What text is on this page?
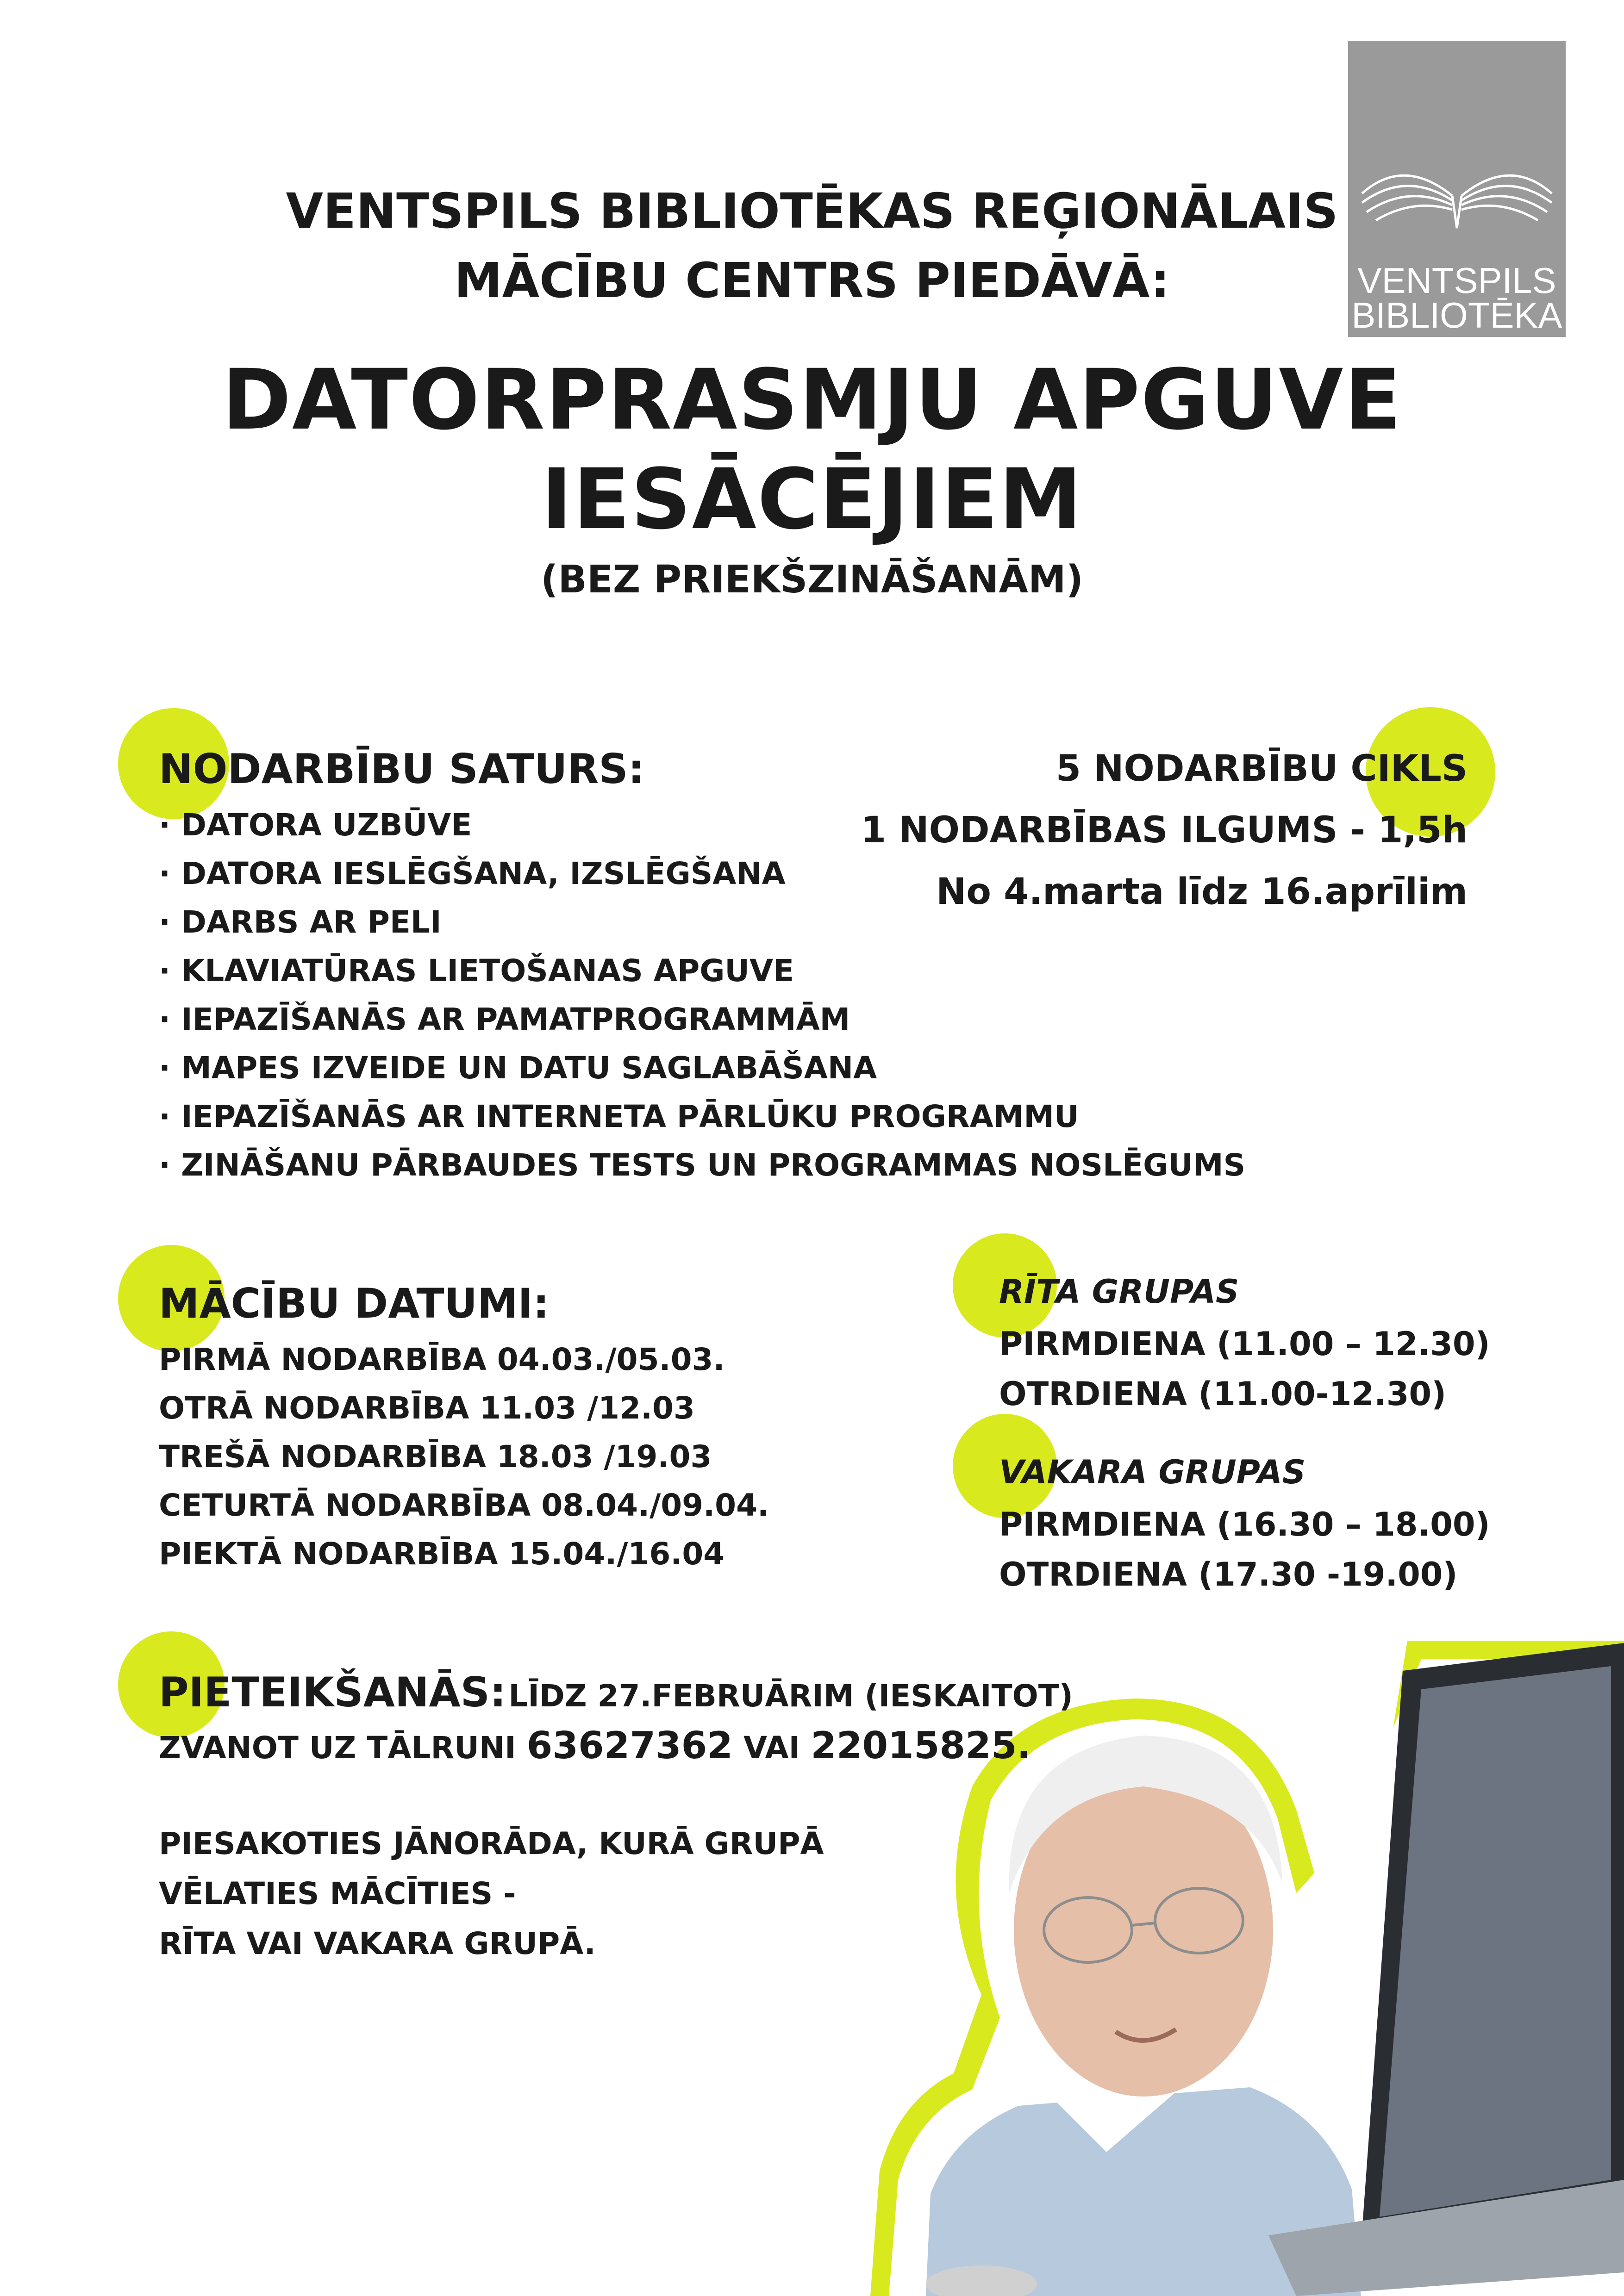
VENTSPILS
BIBLIOTĒKA
VENTSPILS BIBLIOTĒKAS REĢIONĀLAIS
MĀCĪBU CENTRS PIEDĀVĀ:
DATORPRASMJU APGUVE
IESĀCĒJIEM
(BEZ PRIEKŠZINĀŠANĀM)
NODARBĪBU SATURS:
· DATORA UZBŪVE
· DATORA IESLĒGŠANA, IZSLĒGŠANA
· DARBS AR PELI
· KLAVIATŪRAS LIETOŠANAS APGUVE
· IEPAZĪŠANĀS AR PAMATPROGRAMMĀM
· MAPES IZVEIDE UN DATU SAGLABĀŠANA
· IEPAZĪŠANĀS AR INTERNETA PĀRLŪKU PROGRAMMU
· ZINĀŠANU PĀRBAUDES TESTS UN PROGRAMMAS NOSLĒGUMS
5 NODARBĪBU CIKLS
1 NODARBĪBAS ILGUMS - 1,5h
No 4.marta līdz 16.aprīlim
MĀCĪBU DATUMI:
PIRMĀ NODARBĪBA 04.03./05.03.
OTRĀ NODARBĪBA 11.03 /12.03
TREŠĀ NODARBĪBA 18.03 /19.03
CETURTĀ NODARBĪBA 08.04./09.04.
PIEKTĀ NODARBĪBA 15.04./16.04
RĪTA GRUPAS
PIRMDIENA (11.00 – 12.30)
OTRDIENA (11.00-12.30)
VAKARA GRUPAS
PIRMDIENA (16.30 – 18.00)
OTRDIENA (17.30 -19.00)
PIETEIKŠANĀS: LĪDZ 27.FEBRUĀRIM (IESKAITOT)
ZVANOT UZ TĀLRUNI 63627362 VAI 22015825.
PIESAKOTIES JĀNORĀDA, KURĀ GRUPĀ
VĒLATIES MĀCĪTIES -
RĪTA VAI VAKARA GRUPĀ.
